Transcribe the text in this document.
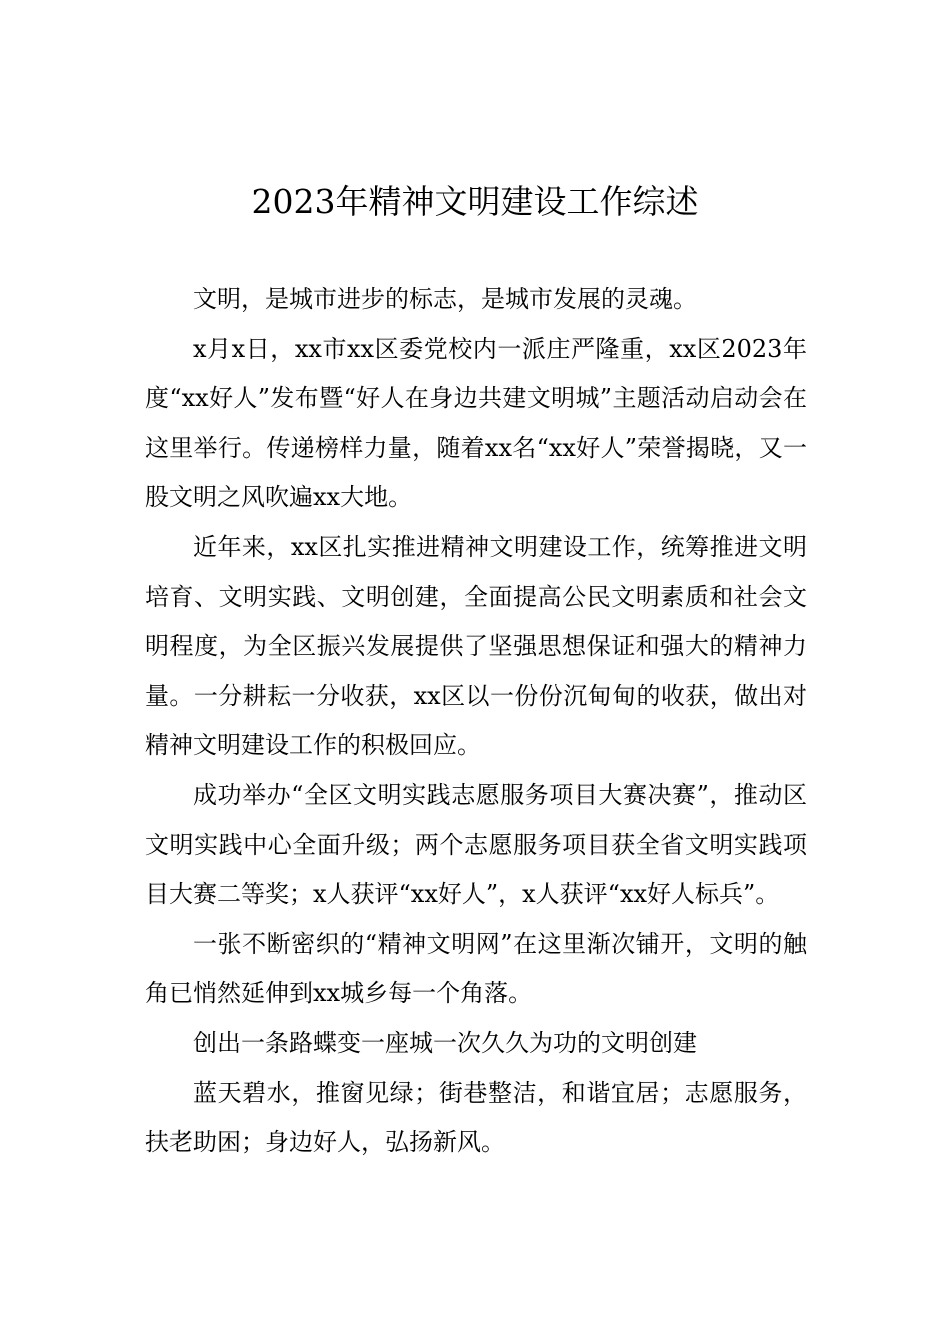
2023年精神文明建设工作综述

文明，是城市进步的标志，是城市发展的灵魂。

x月x日，xx市xx区委党校内一派庄严隆重，xx区2023年度“xx好人”发布暨“好人在身边共建文明城”主题活动启动会在这里举行。传递榜样力量，随着xx名“xx好人”荣誉揭晓，又一股文明之风吹遍xx大地。

近年来，xx区扎实推进精神文明建设工作，统筹推进文明培育、文明实践、文明创建，全面提高公民文明素质和社会文明程度，为全区振兴发展提供了坚强思想保证和强大的精神力量。一分耕耘一分收获，xx区以一份份沉甸甸的收获，做出对精神文明建设工作的积极回应。

成功举办“全区文明实践志愿服务项目大赛决赛”，推动区文明实践中心全面升级；两个志愿服务项目获全省文明实践项目大赛二等奖；x人获评“xx好人”，x人获评“xx好人标兵”。

一张不断密织的“精神文明网”在这里渐次铺开，文明的触角已悄然延伸到xx城乡每一个角落。

创出一条路蝶变一座城一次久久为功的文明创建

蓝天碧水，推窗见绿；街巷整洁，和谐宜居；志愿服务，扶老助困；身边好人，弘扬新风。
